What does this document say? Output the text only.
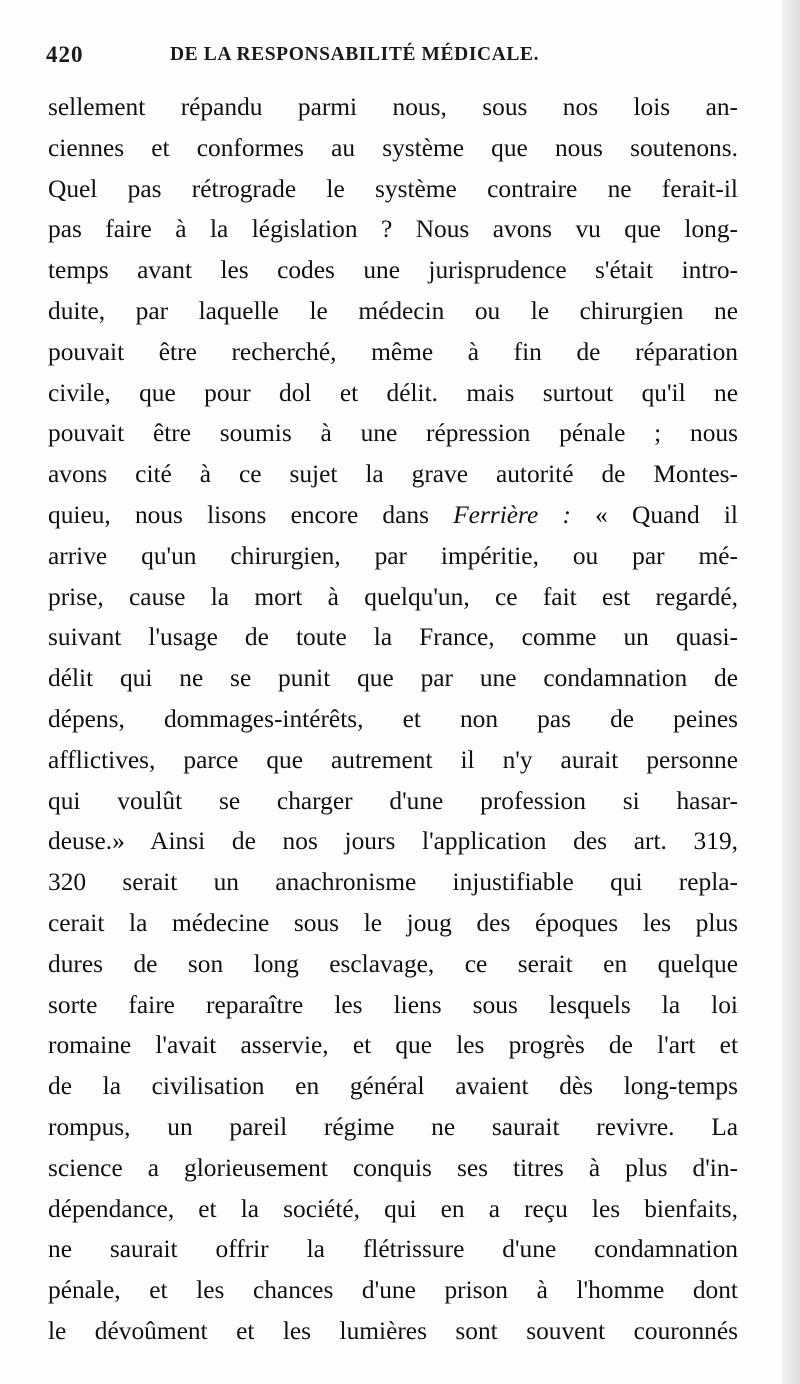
420	DE LA RESPONSABILITÉ MÉDICALE.
sellement répandu parmi nous, sous nos lois an-
ciennes et conformes au système que nous soutenons.
Quel pas rétrograde le système contraire ne ferait-il
pas faire à la législation ? Nous avons vu que long-
temps avant les codes une jurisprudence s'était intro-
duite, par laquelle le médecin ou le chirurgien ne
pouvait être recherché, même à fin de réparation
civile, que pour dol et délit. mais surtout qu'il ne
pouvait être soumis à une répression pénale ; nous
avons cité à ce sujet la grave autorité de Montes-
quieu, nous lisons encore dans Ferrière : « Quand il
arrive qu'un chirurgien, par impéritie, ou par mé-
prise, cause la mort à quelqu'un, ce fait est regardé,
suivant l'usage de toute la France, comme un quasi-
délit qui ne se punit que par une condamnation de
dépens, dommages-intérêts, et non pas de peines
afflictives, parce que autrement il n'y aurait personne
qui voulût se charger d'une profession si hasar-
deuse.» Ainsi de nos jours l'application des art. 319,
320 serait un anachronisme injustifiable qui repla-
cerait la médecine sous le joug des époques les plus
dures de son long esclavage, ce serait en quelque
sorte faire reparaître les liens sous lesquels la loi
romaine l'avait asservie, et que les progrès de l'art et
de la civilisation en général avaient dès long-temps
rompus, un pareil régime ne saurait revivre. La
science a glorieusement conquis ses titres à plus d'in-
dépendance, et la société, qui en a reçu les bienfaits,
ne saurait offrir la flétrissure d'une condamnation
pénale, et les chances d'une prison à l'homme dont
le dévoûment et les lumières sont souvent couronnés
